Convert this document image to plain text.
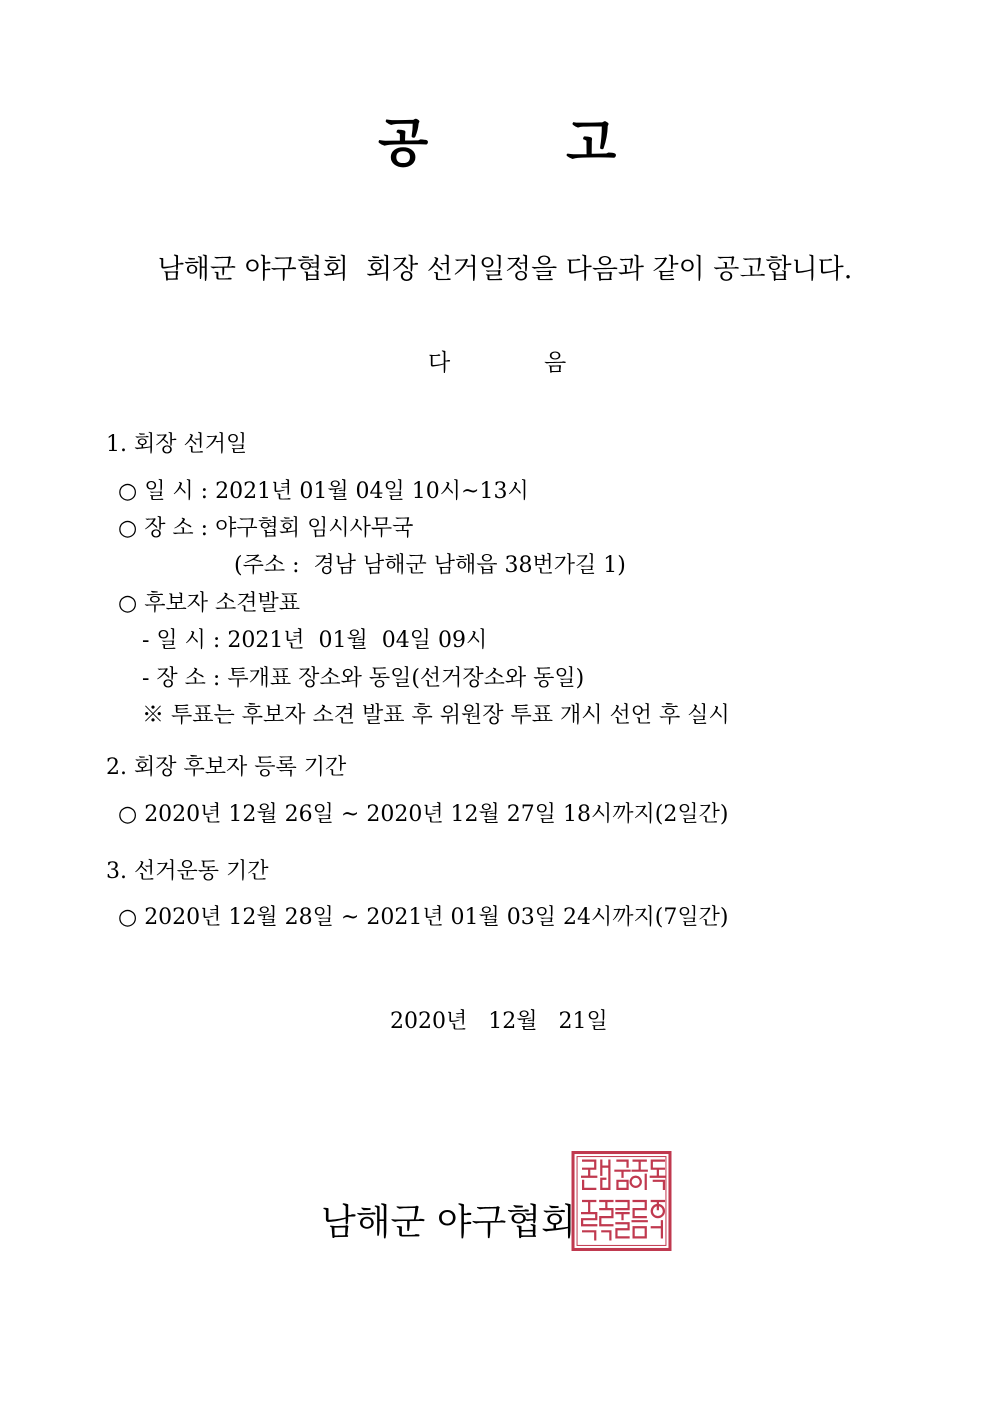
공	고
남해군 야구협회  회장 선거일정을 다음과 같이 공고합니다.
다	음
1. 회장 선거일
○ 일 시 : 2021년 01월 04일 10시~13시
○ 장 소 : 야구협회 임시사무국
(주소 :  경남 남해군 남해읍 38번가길 1)
○ 후보자 소견발표
- 일 시 : 2021년  01월  04일 09시
- 장 소 : 투개표 장소와 동일(선거장소와 동일)
※ 투표는 후보자 소견 발표 후 위원장 투표 개시 선언 후 실시
2. 회장 후보자 등록 기간
○ 2020년 12월 26일 ~ 2020년 12월 27일 18시까지(2일간)
3. 선거운동 기간
○ 2020년 12월 28일 ~ 2021년 01월 03일 24시까지(7일간)
2020년   12월   21일
남해군 야구협회
